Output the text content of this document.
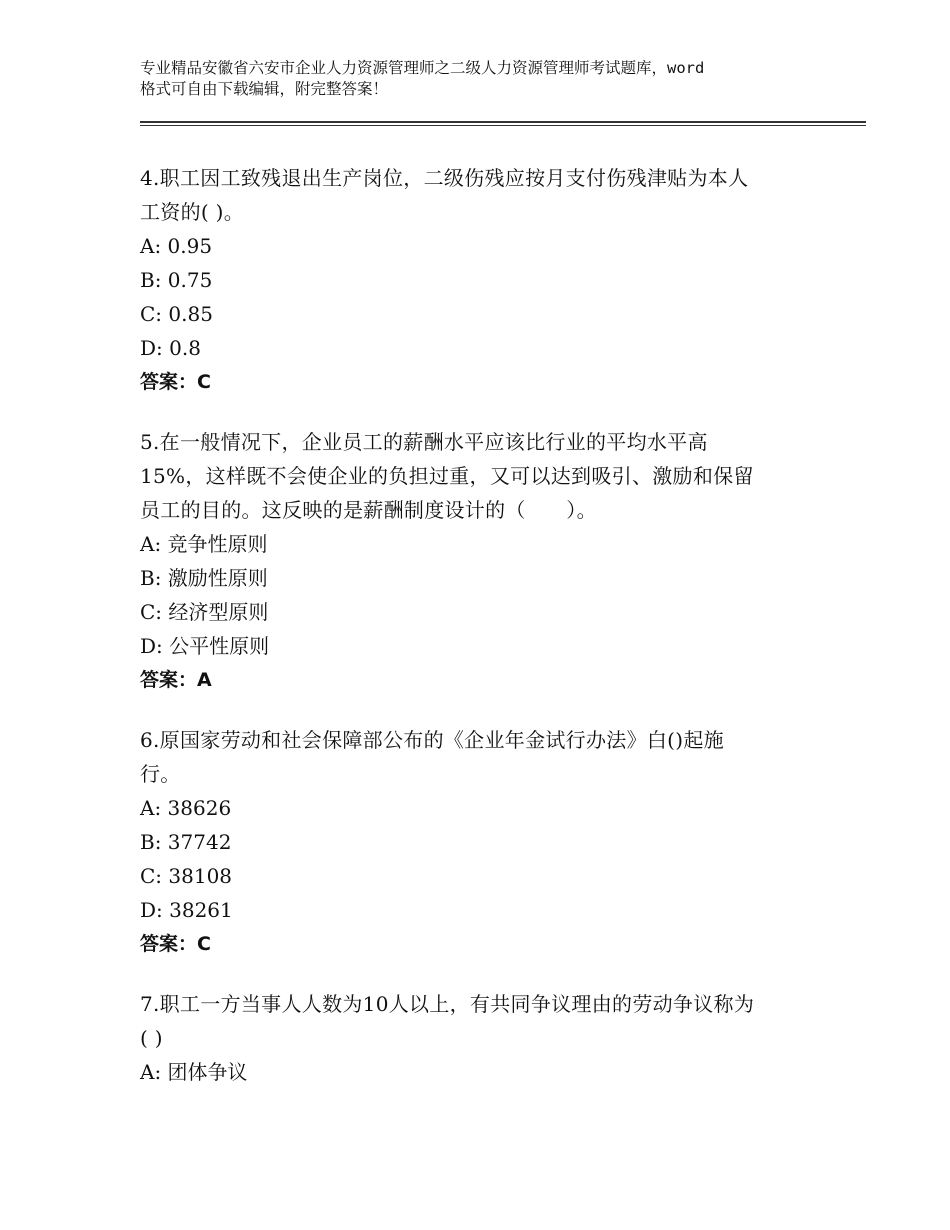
专业精品安徽省六安市企业人力资源管理师之二级人力资源管理师考试题库，word
格式可自由下载编辑，附完整答案！
4.职工因工致残退出生产岗位，二级伤残应按月支付伤残津贴为本人
工资的( )。
A: 0.95
B: 0.75
C: 0.85
D: 0.8
答案：C
5.在一般情况下，企业员工的薪酬水平应该比行业的平均水平高
15%，这样既不会使企业的负担过重，又可以达到吸引、激励和保留
员工的目的。这反映的是薪酬制度设计的（　　）。
A: 竞争性原则
B: 激励性原则
C: 经济型原则
D: 公平性原则
答案：A
6.原国家劳动和社会保障部公布的《企业年金试行办法》白()起施
行。
A: 38626
B: 37742
C: 38108
D: 38261
答案：C
7.职工一方当事人人数为10人以上，有共同争议理由的劳动争议称为
( )
A: 团体争议
